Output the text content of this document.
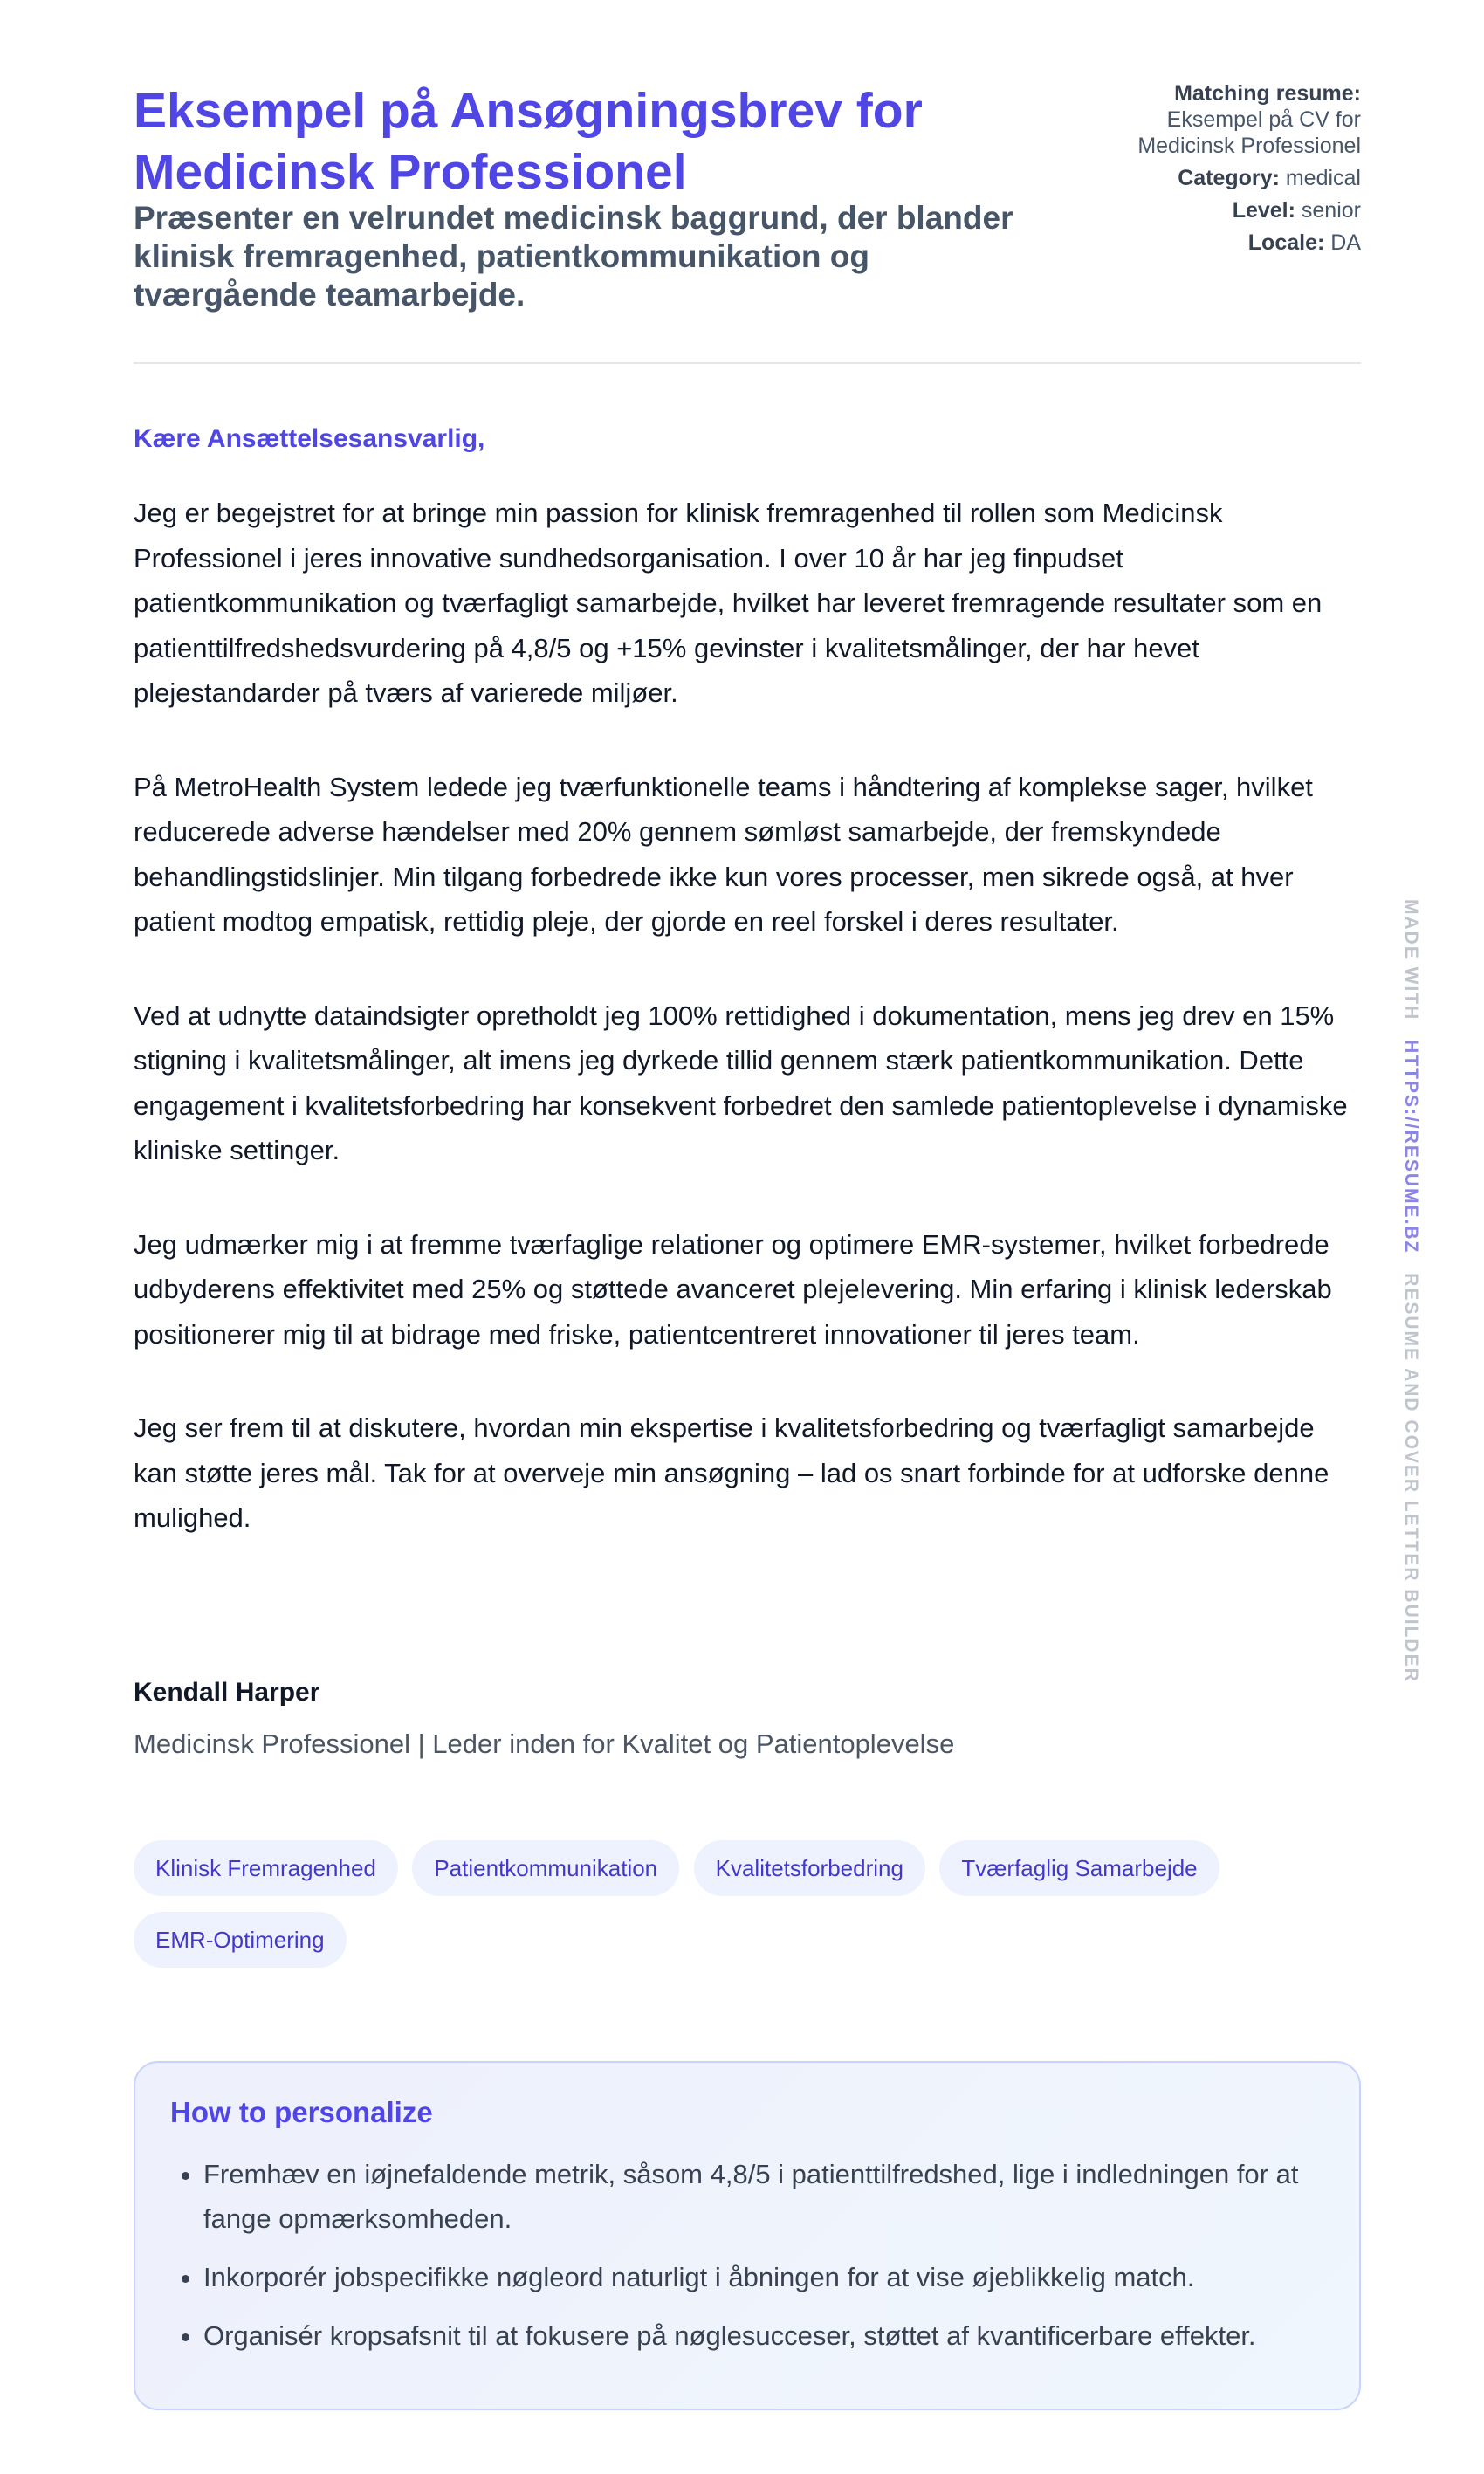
Eksempel på Ansøgningsbrev for Medicinsk Professionel
Præsenter en velrundet medicinsk baggrund, der blander klinisk fremragenhed, patientkommunikation og tværgående teamarbejde.
Matching resume:
Eksempel på CV for Medicinsk Professionel
Category: medical
Level: senior
Locale: DA
Kære Ansættelsesansvarlig,

Jeg er begejstret for at bringe min passion for klinisk fremragenhed til rollen som Medicinsk Professionel i jeres innovative sundhedsorganisation. I over 10 år har jeg finpudset patientkommunikation og tværfagligt samarbejde, hvilket har leveret fremragende resultater som en patienttilfredshedsvurdering på 4,8/5 og +15% gevinster i kvalitetsmålinger, der har hevet plejestandarder på tværs af varierede miljøer.

På MetroHealth System ledede jeg tværfunktionelle teams i håndtering af komplekse sager, hvilket reducerede adverse hændelser med 20% gennem sømløst samarbejde, der fremskyndede behandlingstidslinjer. Min tilgang forbedrede ikke kun vores processer, men sikrede også, at hver patient modtog empatisk, rettidig pleje, der gjorde en reel forskel i deres resultater.

Ved at udnytte dataindsigter opretholdt jeg 100% rettidighed i dokumentation, mens jeg drev en 15% stigning i kvalitetsmålinger, alt imens jeg dyrkede tillid gennem stærk patientkommunikation. Dette engagement i kvalitetsforbedring har konsekvent forbedret den samlede patientoplevelse i dynamiske kliniske settinger.

Jeg udmærker mig i at fremme tværfaglige relationer og optimere EMR-systemer, hvilket forbedrede udbyderens effektivitet med 25% og støttede avanceret plejelevering. Min erfaring i klinisk lederskab positionerer mig til at bidrage med friske, patientcentreret innovationer til jeres team.

Jeg ser frem til at diskutere, hvordan min ekspertise i kvalitetsforbedring og tværfagligt samarbejde kan støtte jeres mål. Tak for at overveje min ansøgning – lad os snart forbinde for at udforske denne mulighed.

Kendall Harper
Medicinsk Professionel | Leder inden for Kvalitet og Patientoplevelse
Klinisk Fremragenhed	Patientkommunikation	Kvalitetsforbedring	Tværfaglig Samarbejde EMR-Optimering
How to personalize
• Fremhæv en iøjnefaldende metrik, såsom 4,8/5 i patienttilfredshed, lige i indledningen for at fange opmærksomheden.
• Inkorporér jobspecifikke nøgleord naturligt i åbningen for at vise øjeblikkelig match.
• Organisér kropsafsnit til at fokusere på nøglesucceser, støttet af kvantificerbare effekter.
MADE WITH HTTPS://RESUME.BZ RESUME AND COVER LETTER BUILDER
